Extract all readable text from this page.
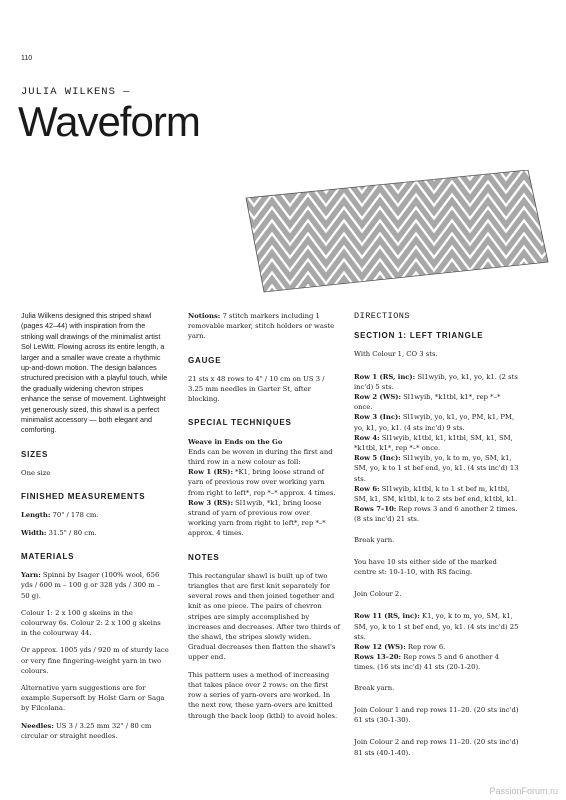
110
JULIA WILKENS —
Waveform

Julia Wilkens designed this striped shawl (pages 42–44) with inspiration from the striking wall drawings of the minimalist artist Sol LeWitt. Flowing across its entire length, a larger and a smaller wave create a rhythmic up-and-down motion. The design balances structured precision with a playful touch, while the gradually widening chevron stripes enhance the sense of movement. Lightweight yet generously sized, this shawl is a perfect minimalist accessory — both elegant and comforting.

SIZES

One size

FINISHED MEASUREMENTS

Length: 70" / 178 cm.

Width: 31.5" / 80 cm.

MATERIALS

Yarn: Spinni by Isager (100% wool, 656 yds / 600 m – 100 g or 328 yds / 300 m – 50 g).

Colour 1: 2 x 100 g skeins in the colourway 6s. Colour 2: 2 x 100 g skeins in the colourway 44.

Or approx. 1005 yds / 920 m of sturdy lace or very fine fingering-weight yarn in two colours.

Alternative yarn suggestions are for example Supersoft by Holst Garn or Saga by Filcolana.

Needles: US 3 / 3.25 mm 32" / 80 cm circular or straight needles.

Notions: 7 stitch markers including 1 removable marker, stitch holders or waste yarn.

GAUGE

21 sts x 48 rows to 4" / 10 cm on US 3 / 3.25 mm needles in Garter St, after blocking.

SPECIAL TECHNIQUES
Weave in Ends on the Go
Ends can be woven in during the first and third row in a new colour as foll:
Row 1 (RS): *K1, bring loose strand of yarn of previous row over working yarn from right to left*, rep *–* approx. 4 times.

Row 3 (RS): Sl1wyib, *k1, bring loose strand of yarn of previous row over working yarn from right to left*, rep *–* approx. 4 times.

NOTES

This rectangular shawl is built up of two triangles that are first knit separately for several rows and then joined together and knit as one piece. The pairs of chevron stripes are simply accomplished by increases and decreases. After two thirds of the shawl, the stripes slowly widen. Gradual decreases then flatten the shawl's upper end.

This pattern uses a method of increasing that takes place over 2 rows: on the first row a series of yarn-overs are worked. In the next row, these yarn-overs are knitted through the back loop (ktbl) to avoid holes.

DIRECTIONS
SECTION 1: LEFT TRIANGLE

With Colour 1, CO 3 sts.

Row 1 (RS, inc): Sl1wyib, yo, k1, yo, k1. (2 sts inc'd) 5 sts.
Row 2 (WS): Sl1wyib, *k1tbl, k1*, rep *–* once.
Row 3 (Inc): Sl1wyib, yo, k1, yo, PM, k1, PM, yo, k1, yo, k1. (4 sts inc'd) 9 sts.
Row 4: Sl1wyib, k1tbl, k1, k1tbl, SM, k1, SM, *k1tbl, k1*, rep *–* once.
Row 5 (Inc): Sl1wyib, yo, k to m, yo, SM, k1, SM, yo, k to 1 st bef end, yo, k1. (4 sts inc'd) 13 sts.
Row 6: Sl1wyib, k1tbl, k to 1 st bef m, k1tbl, SM, k1, SM, k1tbl, k to 2 sts bef end, k1tbl, k1.
Rows 7–10: Rep rows 3 and 6 another 2 times. (8 sts inc'd) 21 sts.

Break yarn.

You have 10 sts either side of the marked centre st: 10-1-10, with RS facing.

Join Colour 2.

Row 11 (RS, inc): K1, yo, k to m, yo, SM, k1, SM, yo, k to 1 st bef end, yo, k1. (4 sts inc'd) 25 sts.
Row 12 (WS): Rep row 6.
Rows 13–20: Rep rows 5 and 6 another 4 times. (16 sts inc'd) 41 sts (20-1-20).

Break yarn.

Join Colour 1 and rep rows 11–20. (20 sts inc'd) 61 sts (30-1-30).

Join Colour 2 and rep rows 11–20. (20 sts inc'd) 81 sts (40-1-40).

PassionForum.ru
